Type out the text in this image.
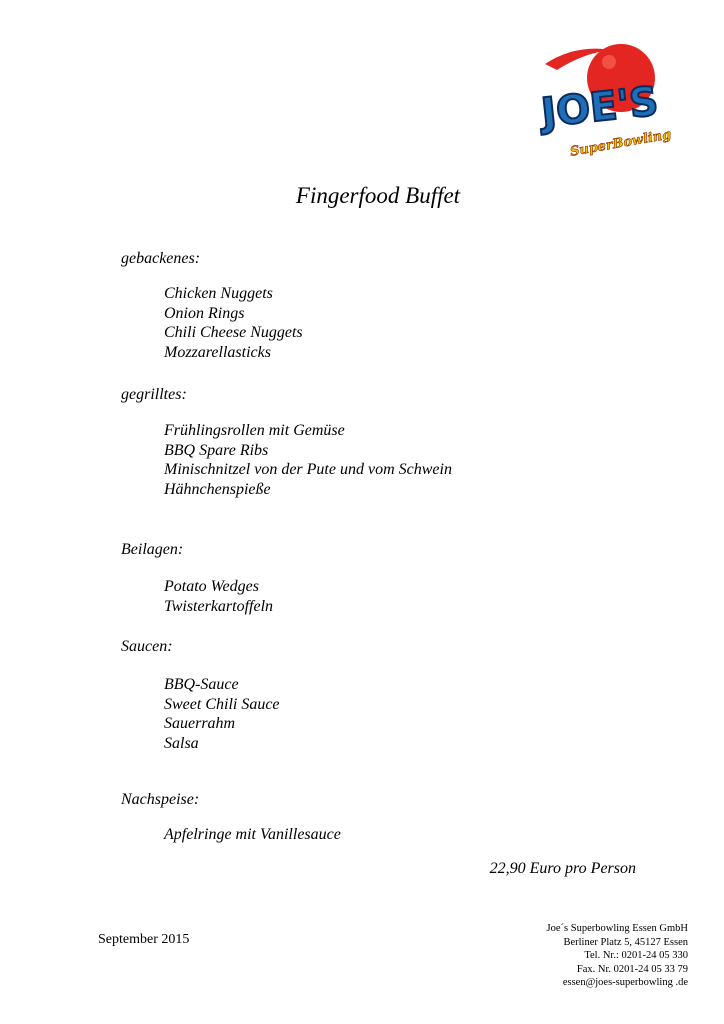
JOE'S
SuperBowling
Fingerfood Buffet
gebackenes:
Chicken Nuggets
Onion Rings
Chili Cheese Nuggets
Mozzarellasticks
gegrilltes:
Frühlingsrollen mit Gemüse
BBQ Spare Ribs
Minischnitzel von der Pute und vom Schwein
Hähnchenspieße
Beilagen:
Potato Wedges
Twisterkartoffeln
Saucen:
BBQ-Sauce
Sweet Chili Sauce
Sauerrahm
Salsa
Nachspeise:
Apfelringe mit Vanillesauce
22,90 Euro pro Person
September 2015
Joe´s Superbowling Essen GmbH
Berliner Platz 5, 45127 Essen
Tel. Nr.: 0201-24 05 330
Fax. Nr. 0201-24 05 33 79
essen@joes-superbowling .de
